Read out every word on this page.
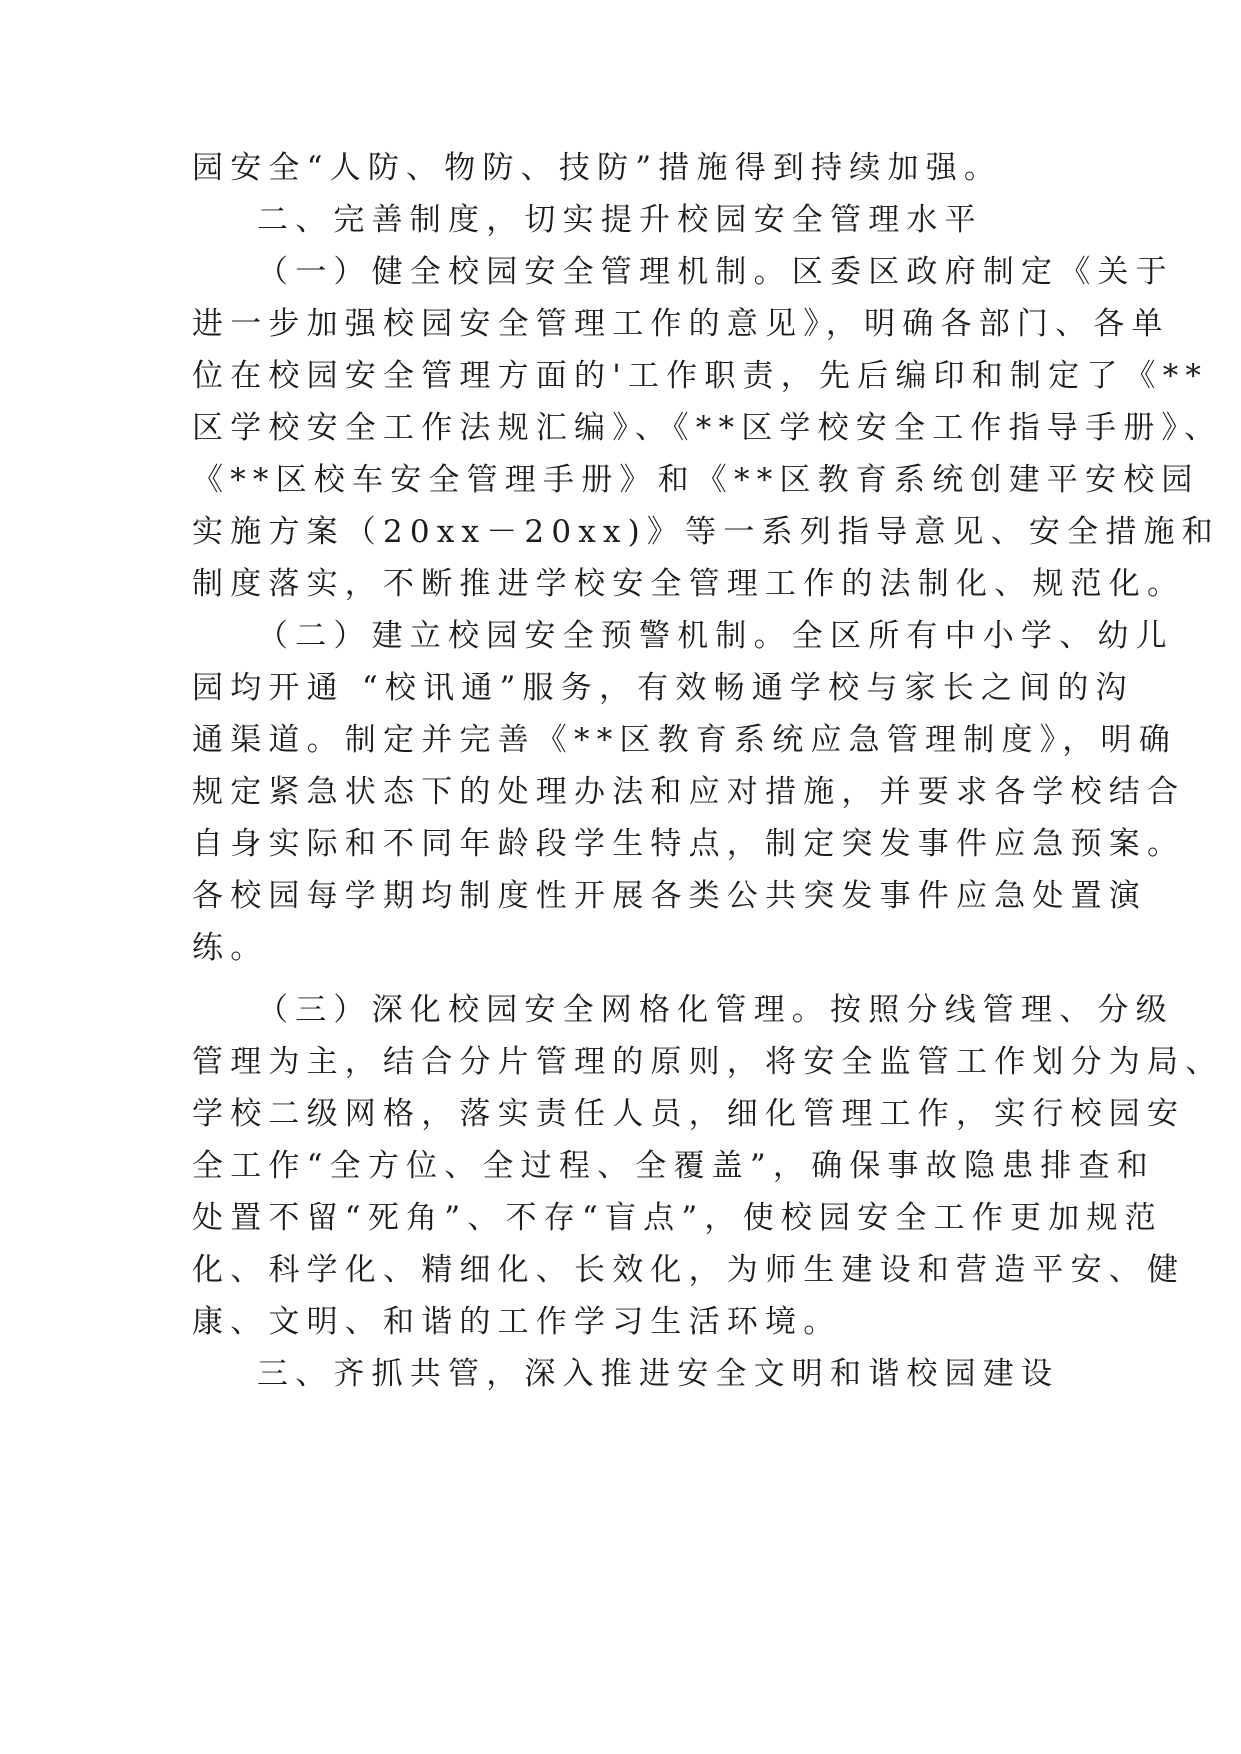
园安全“人防、物防、技防”措施得到持续加强。
二、完善制度，切实提升校园安全管理水平
（一）健全校园安全管理机制。区委区政府制定《关于
进一步加强校园安全管理工作的意见》，明确各部门、各单
位在校园安全管理方面的'工作职责，先后编印和制定了《**
区学校安全工作法规汇编》、《**区学校安全工作指导手册》、
《**区校车安全管理手册》和《**区教育系统创建平安校园
实施方案（20xx－20xx)》等一系列指导意见、安全措施和
制度落实，不断推进学校安全管理工作的法制化、规范化。
（二）建立校园安全预警机制。全区所有中小学、幼儿
园均开通 “校讯通”服务，有效畅通学校与家长之间的沟
通渠道。制定并完善《**区教育系统应急管理制度》，明确
规定紧急状态下的处理办法和应对措施，并要求各学校结合
自身实际和不同年龄段学生特点，制定突发事件应急预案。
各校园每学期均制度性开展各类公共突发事件应急处置演
练。
（三）深化校园安全网格化管理。按照分线管理、分级
管理为主，结合分片管理的原则，将安全监管工作划分为局、
学校二级网格，落实责任人员，细化管理工作，实行校园安
全工作“全方位、全过程、全覆盖”，确保事故隐患排查和
处置不留“死角”、不存“盲点”，使校园安全工作更加规范
化、科学化、精细化、长效化，为师生建设和营造平安、健
康、文明、和谐的工作学习生活环境。
三、齐抓共管，深入推进安全文明和谐校园建设
